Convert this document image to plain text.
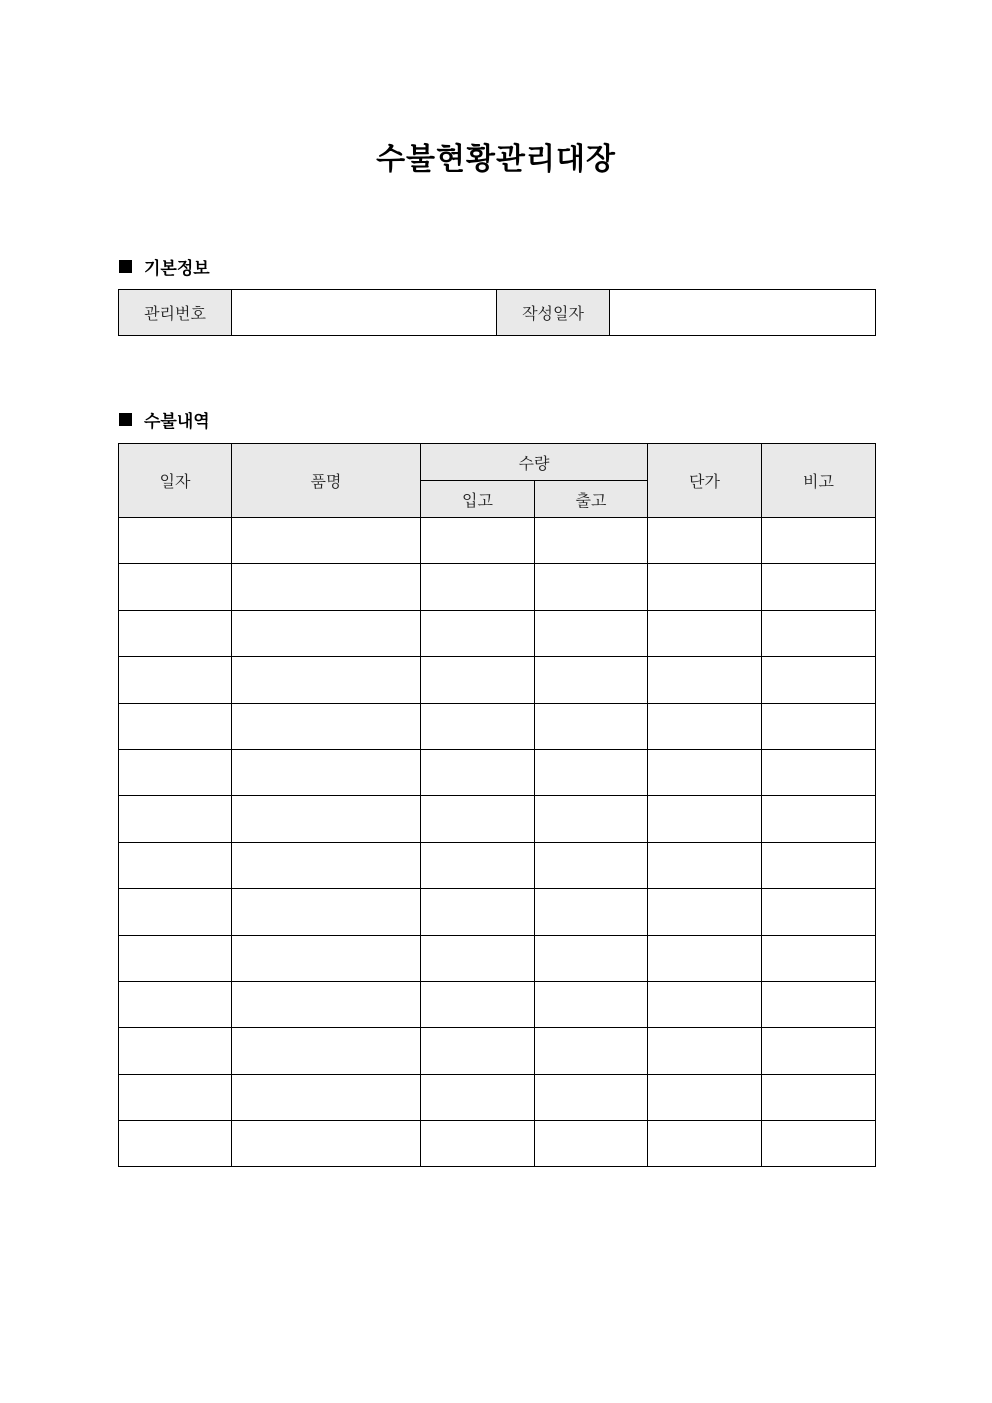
수불현황관리대장
기본정보
관리번호		작성일자	
수불내역
일자	품명	수량		단가	비고
		입고	출고		
